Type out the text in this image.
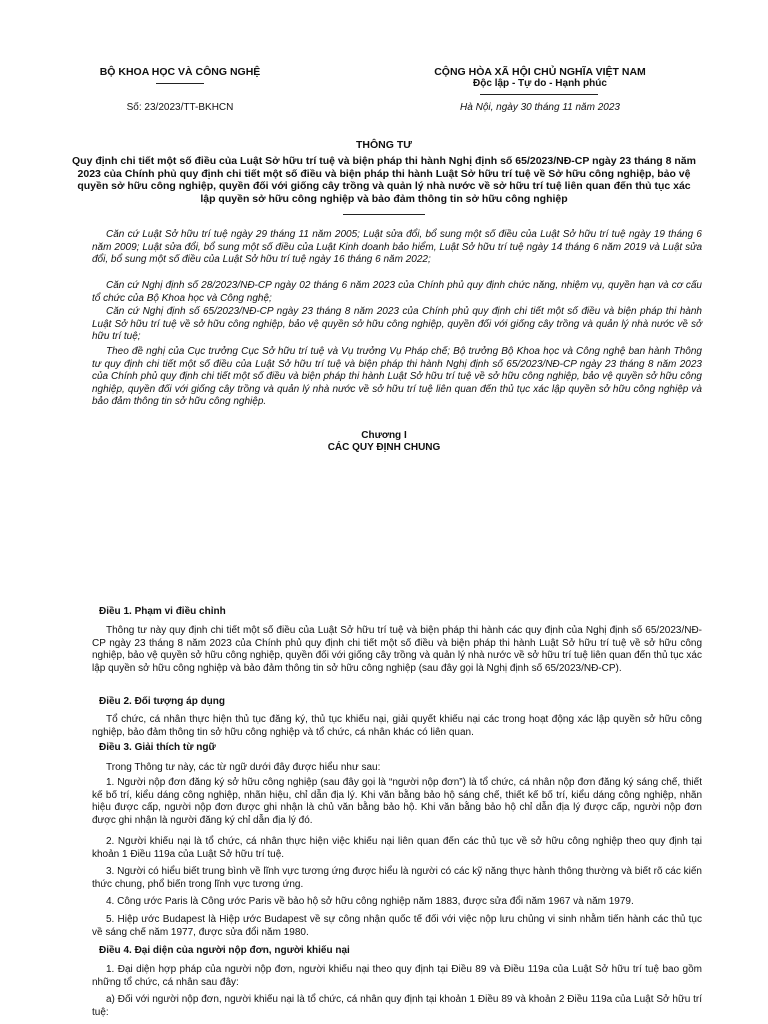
BỘ KHOA HỌC VÀ CÔNG NGHỆ	CỘNG HÒA XÃ HỘI CHỦ NGHĨA VIỆT NAM
Độc lập - Tự do - Hạnh phúc
Số: 23/2023/TT-BKHCN	Hà Nội, ngày 30 tháng 11 năm 2023
THÔNG TƯ
Quy định chi tiết một số điều của Luật Sở hữu trí tuệ và biện pháp thi hành Nghị định số 65/2023/NĐ-CP ngày 23 tháng 8 năm 2023 của Chính phủ quy định chi tiết một số điều và biện pháp thi hành Luật Sở hữu trí tuệ về Sở hữu công nghiệp, bảo vệ quyền sở hữu công nghiệp, quyền đối với giống cây trồng và quản lý nhà nước về sở hữu trí tuệ liên quan đến thủ tục xác lập quyền sở hữu công nghiệp và bảo đảm thông tin sở hữu công nghiệp

Căn cứ Luật Sở hữu trí tuệ ngày 29 tháng 11 năm 2005; Luật sửa đổi, bổ sung một số điều của Luật Sở hữu trí tuệ ngày 19 tháng 6 năm 2009; Luật sửa đổi, bổ sung một số điều của Luật Kinh doanh bảo hiểm, Luật Sở hữu trí tuệ ngày 14 tháng 6 năm 2019 và Luật sửa đổi, bổ sung một số điều của Luật Sở hữu trí tuệ ngày 16 tháng 6 năm 2022;

Căn cứ Nghị định số 28/2023/NĐ-CP ngày 02 tháng 6 năm 2023 của Chính phủ quy định chức năng, nhiệm vụ, quyền hạn và cơ cấu tổ chức của Bộ Khoa học và Công nghệ;

Căn cứ Nghị định số 65/2023/NĐ-CP ngày 23 tháng 8 năm 2023 của Chính phủ quy định chi tiết một số điều và biện pháp thi hành Luật Sở hữu trí tuệ về sở hữu công nghiệp, bảo vệ quyền sở hữu công nghiệp, quyền đối với giống cây trồng và quản lý nhà nước về sở hữu trí tuệ;

Theo đề nghị của Cục trưởng Cục Sở hữu trí tuệ và Vụ trưởng Vụ Pháp chế; Bộ trưởng Bộ Khoa học và Công nghệ ban hành Thông tư quy định chi tiết một số điều của Luật Sở hữu trí tuệ và biện pháp thi hành Nghị định số 65/2023/NĐ-CP ngày 23 tháng 8 năm 2023 của Chính phủ quy định chi tiết một số điều và biện pháp thi hành Luật Sở hữu trí tuệ về sở hữu công nghiệp, bảo vệ quyền sở hữu công nghiệp, quyền đối với giống cây trồng và quản lý nhà nước về sở hữu trí tuệ liên quan đến thủ tục xác lập quyền sở hữu công nghiệp và bảo đảm thông tin sở hữu công nghiệp.

Chương I
CÁC QUY ĐỊNH CHUNG
Điều 1. Phạm vi điều chỉnh

Thông tư này quy định chi tiết một số điều của Luật Sở hữu trí tuệ và biện pháp thi hành các quy định của Nghị định số 65/2023/NĐ-CP ngày 23 tháng 8 năm 2023 của Chính phủ quy định chi tiết một số điều và biện pháp thi hành Luật Sở hữu trí tuệ về sở hữu công nghiệp, bảo vệ quyền sở hữu công nghiệp, quyền đối với giống cây trồng và quản lý nhà nước về sở hữu trí tuệ liên quan đến thủ tục xác lập quyền sở hữu công nghiệp và bảo đảm thông tin sở hữu công nghiệp (sau đây gọi là Nghị định số 65/2023/NĐ-CP).

Điều 2. Đối tượng áp dụng

Tổ chức, cá nhân thực hiện thủ tục đăng ký, thủ tục khiếu nại, giải quyết khiếu nại các trong hoạt động xác lập quyền sở hữu công nghiệp, bảo đảm thông tin sở hữu công nghiệp và tổ chức, cá nhân khác có liên quan.

Điều 3. Giải thích từ ngữ

Trong Thông tư này, các từ ngữ dưới đây được hiểu như sau:

1. Người nộp đơn đăng ký sở hữu công nghiệp (sau đây gọi là “người nộp đơn”) là tổ chức, cá nhân nộp đơn đăng ký sáng chế, thiết kế bố trí, kiểu dáng công nghiệp, nhãn hiệu, chỉ dẫn địa lý. Khi văn bằng bảo hộ sáng chế, thiết kế bố trí, kiểu dáng công nghiệp, nhãn hiệu được cấp, người nộp đơn được ghi nhận là chủ văn bằng bảo hộ. Khi văn bằng bảo hộ chỉ dẫn địa lý được cấp, người nộp đơn được ghi nhận là người đăng ký chỉ dẫn địa lý đó.

2. Người khiếu nại là tổ chức, cá nhân thực hiện việc khiếu nại liên quan đến các thủ tục về sở hữu công nghiệp theo quy định tại khoản 1 Điều 119a của Luật Sở hữu trí tuệ.

3. Người có hiểu biết trung bình về lĩnh vực tương ứng được hiểu là người có các kỹ năng thực hành thông thường và biết rõ các kiến thức chung, phổ biến trong lĩnh vực tương ứng.

4. Công ước Paris là Công ước Paris về bảo hộ sở hữu công nghiệp năm 1883, được sửa đổi năm 1967 và năm 1979.

5. Hiệp ước Budapest là Hiệp ước Budapest về sự công nhận quốc tế đối với việc nộp lưu chủng vi sinh nhằm tiến hành các thủ tục về sáng chế năm 1977, được sửa đổi năm 1980.

Điều 4. Đại diện của người nộp đơn, người khiếu nại

1. Đại diện hợp pháp của người nộp đơn, người khiếu nại theo quy định tại Điều 89 và Điều 119a của Luật Sở hữu trí tuệ bao gồm những tổ chức, cá nhân sau đây:

a) Đối với người nộp đơn, người khiếu nại là tổ chức, cá nhân quy định tại khoản 1 Điều 89 và khoản 2 Điều 119a của Luật Sở hữu trí tuệ:
